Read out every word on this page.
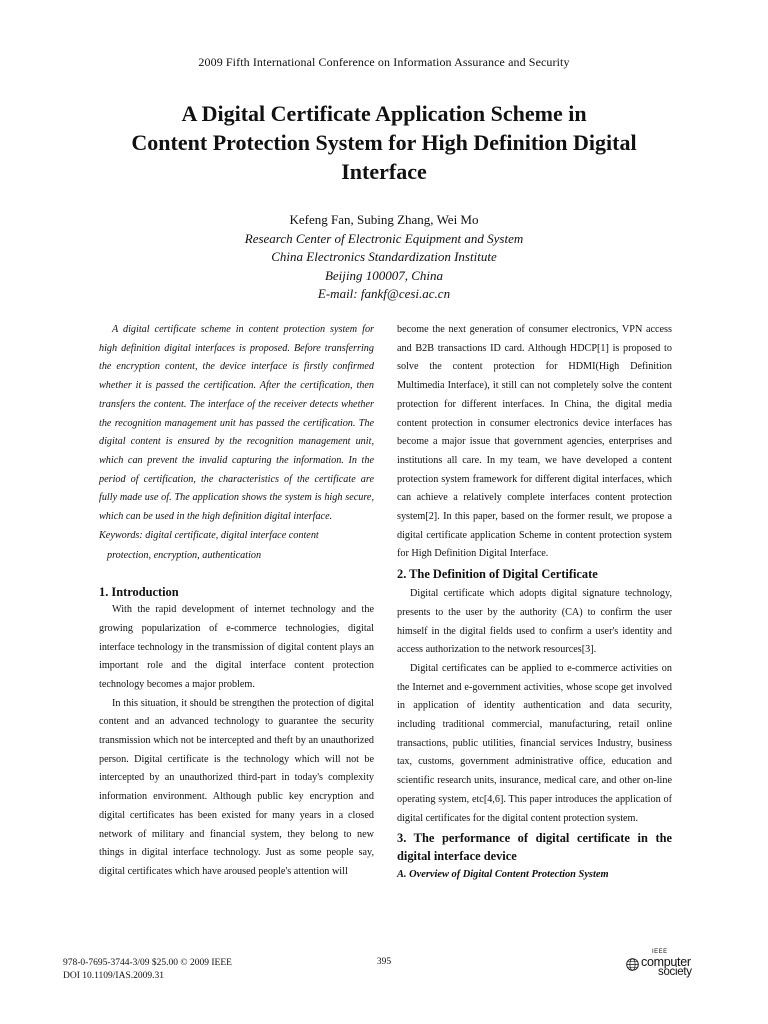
2009 Fifth International Conference on Information Assurance and Security
A Digital Certificate Application Scheme in
Content Protection System for High Definition Digital
Interface
Kefeng Fan, Subing Zhang, Wei Mo
Research Center of Electronic Equipment and System
China Electronics Standardization Institute
Beijing 100007, China
E-mail: fankf@cesi.ac.cn

A digital certificate scheme in content protection system for high definition digital interfaces is proposed. Before transferring the encryption content, the device interface is firstly confirmed whether it is passed the certification. After the certification, then transfers the content. The interface of the receiver detects whether the recognition management unit has passed the certification. The digital content is ensured by the recognition management unit, which can prevent the invalid capturing the information. In the period of certification, the characteristics of the certificate are fully made use of. The application shows the system is high secure, which can be used in the high definition digital interface.

Keywords: digital certificate, digital interface content
protection, encryption, authentication

1. Introduction

With the rapid development of internet technology and the growing popularization of e-commerce technologies, digital interface technology in the transmission of digital content plays an important role and the digital interface content protection technology becomes a major problem.

In this situation, it should be strengthen the protection of digital content and an advanced technology to guarantee the security transmission which not be intercepted and theft by an unauthorized person. Digital certificate is the technology which will not be intercepted by an unauthorized third-part in today's complexity information environment. Although public key encryption and digital certificates has been existed for many years in a closed network of military and financial system, they belong to new things in digital interface technology. Just as some people say, digital certificates which have aroused people's attention will

become the next generation of consumer electronics, VPN access and B2B transactions ID card. Although HDCP[1] is proposed to solve the content protection for HDMI(High Definition Multimedia Interface), it still can not completely solve the content protection for different interfaces. In China, the digital media content protection in consumer electronics device interfaces has become a major issue that government agencies, enterprises and institutions all care. In my team, we have developed a content protection system framework for different digital interfaces, which can achieve a relatively complete interfaces content protection system[2]. In this paper, based on the former result, we propose a digital certificate application Scheme in content protection system for High Definition Digital Interface.

2. The Definition of Digital Certificate

Digital certificate which adopts digital signature technology, presents to the user by the authority (CA) to confirm the user himself in the digital fields used to confirm a user's identity and access authorization to the network resources[3].

Digital certificates can be applied to e-commerce activities on the Internet and e-government activities, whose scope get involved in application of identity authentication and data security, including traditional commercial, manufacturing, retail online transactions, public utilities, financial services Industry, business tax, customs, government administrative office, education and scientific research units, insurance, medical care, and other on-line operating system, etc[4,6]. This paper introduces the application of digital certificates for the digital content protection system.

3. The performance of digital certificate in the digital interface device

A. Overview of Digital Content Protection System

978-0-7695-3744-3/09 $25.00 © 2009 IEEE
DOI 10.1109/IAS.2009.31
395
IEEE
computer
society
